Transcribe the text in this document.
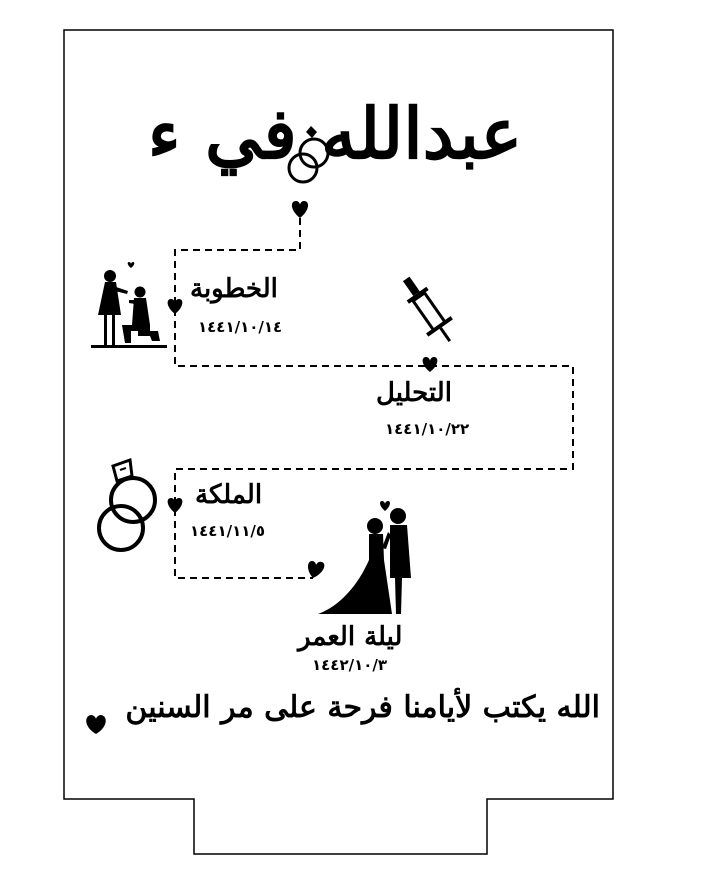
عبدالله في ء
الخطوبة
١٤٤١/١٠/١٤
التحليل
١٤٤١/١٠/٢٢
الملكة
١٤٤١/١١/٥
ليلة العمر
١٤٤٢/١٠/٣
الله يكتب لأيامنا فرحة على مر السنين
